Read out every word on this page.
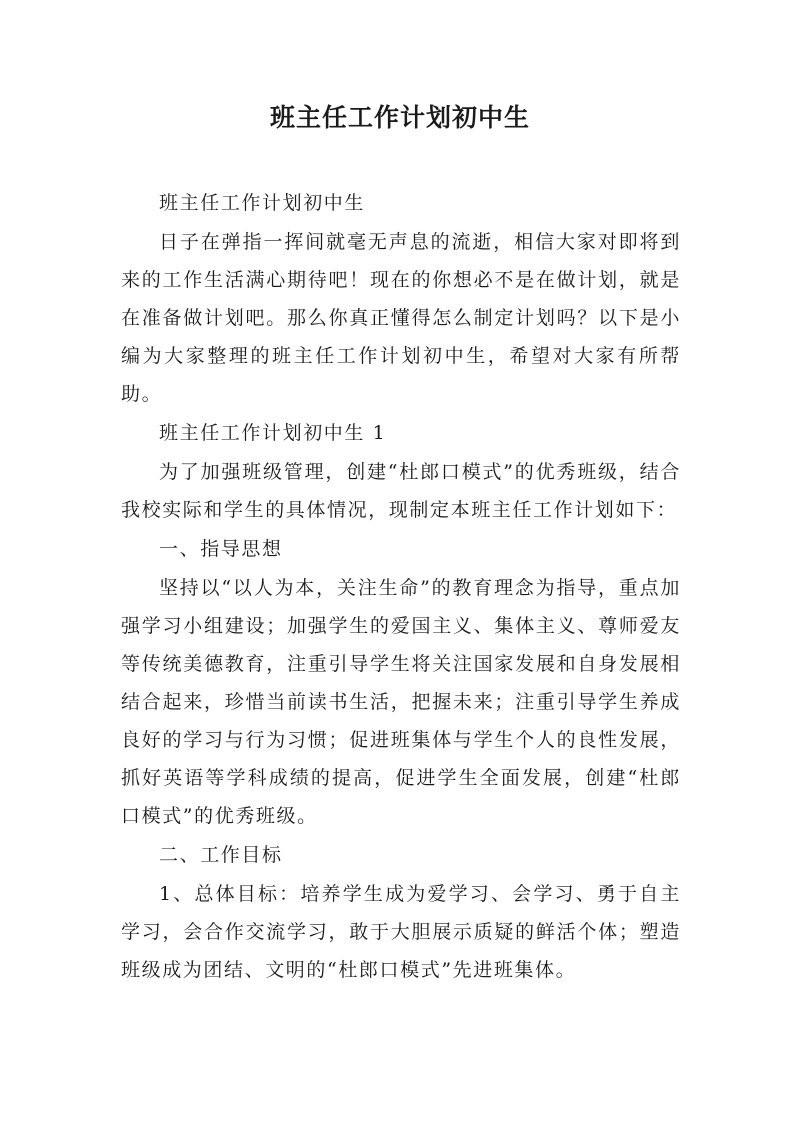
班主任工作计划初中生

班主任工作计划初中生

日子在弹指一挥间就毫无声息的流逝，相信大家对即将到来的工作生活满心期待吧！现在的你想必不是在做计划，就是在准备做计划吧。那么你真正懂得怎么制定计划吗？以下是小编为大家整理的班主任工作计划初中生，希望对大家有所帮助。

班主任工作计划初中生 1

为了加强班级管理，创建“杜郎口模式”的优秀班级，结合我校实际和学生的具体情况，现制定本班主任工作计划如下：

一、指导思想

坚持以“以人为本，关注生命”的教育理念为指导，重点加强学习小组建设；加强学生的爱国主义、集体主义、尊师爱友等传统美德教育，注重引导学生将关注国家发展和自身发展相结合起来，珍惜当前读书生活，把握未来；注重引导学生养成良好的学习与行为习惯；促进班集体与学生个人的良性发展，抓好英语等学科成绩的提高，促进学生全面发展，创建“杜郎口模式”的优秀班级。

二、工作目标

1、总体目标：培养学生成为爱学习、会学习、勇于自主学习，会合作交流学习，敢于大胆展示质疑的鲜活个体；塑造班级成为团结、文明的“杜郎口模式”先进班集体。
